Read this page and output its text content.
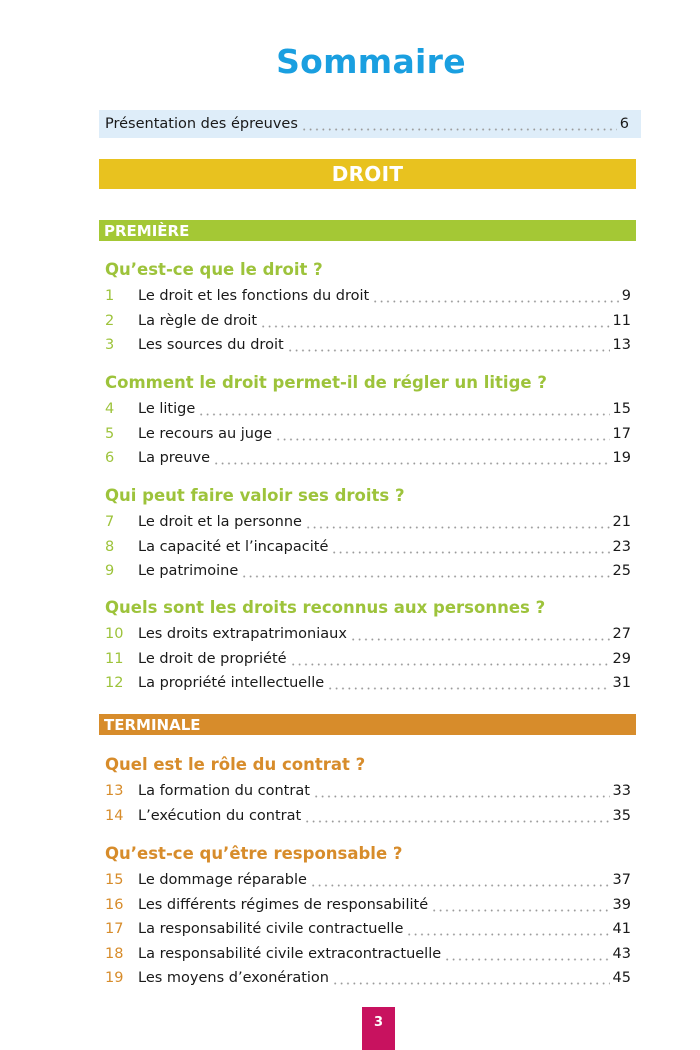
Sommaire
Présentation des épreuves	6
DROIT
PREMIÈRE
Qu’est-ce que le droit ?
1	Le droit et les fonctions du droit	9
2	La règle de droit	11
3	Les sources du droit	13
Comment le droit permet-il de régler un litige ?
4	Le litige	15
5	Le recours au juge	17
6	La preuve	19
Qui peut faire valoir ses droits ?
7	Le droit et la personne	21
8	La capacité et l’incapacité	23
9	Le patrimoine	25
Quels sont les droits reconnus aux personnes ?
10	Les droits extrapatrimoniaux	27
11	Le droit de propriété	29
12	La propriété intellectuelle	31
TERMINALE
Quel est le rôle du contrat ?
13	La formation du contrat	33
14	L’exécution du contrat	35
Qu’est-ce qu’être responsable ?
15	Le dommage réparable	37
16	Les différents régimes de responsabilité	39
17	La responsabilité civile contractuelle	41
18	La responsabilité civile extracontractuelle	43
19	Les moyens d’exonération	45
3
